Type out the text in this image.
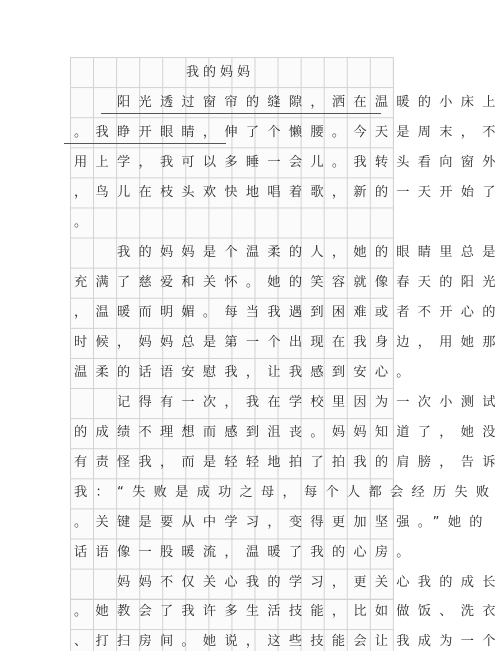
我的妈妈
　　阳光透过窗帘的缝隙，洒在温暖的小床上
。我睁开眼睛，伸了个懒腰。今天是周末，不
用上学，我可以多睡一会儿。我转头看向窗外
，鸟儿在枝头欢快地唱着歌，新的一天开始了
。
　　我的妈妈是个温柔的人，她的眼睛里总是
充满了慈爱和关怀。她的笑容就像春天的阳光
，温暖而明媚。每当我遇到困难或者不开心的
时候，妈妈总是第一个出现在我身边，用她那
温柔的话语安慰我，让我感到安心。
　　记得有一次，我在学校里因为一次小测试
的成绩不理想而感到沮丧。妈妈知道了，她没
有责怪我，而是轻轻地拍了拍我的肩膀，告诉
我：“失败是成功之母，每个人都会经历失败
。关键是要从中学习，变得更加坚强。”她的
话语像一股暖流，温暖了我的心房。
　　妈妈不仅关心我的学习，更关心我的成长
。她教会了我许多生活技能，比如做饭、洗衣
、打扫房间。她说，这些技能会让我成为一个
